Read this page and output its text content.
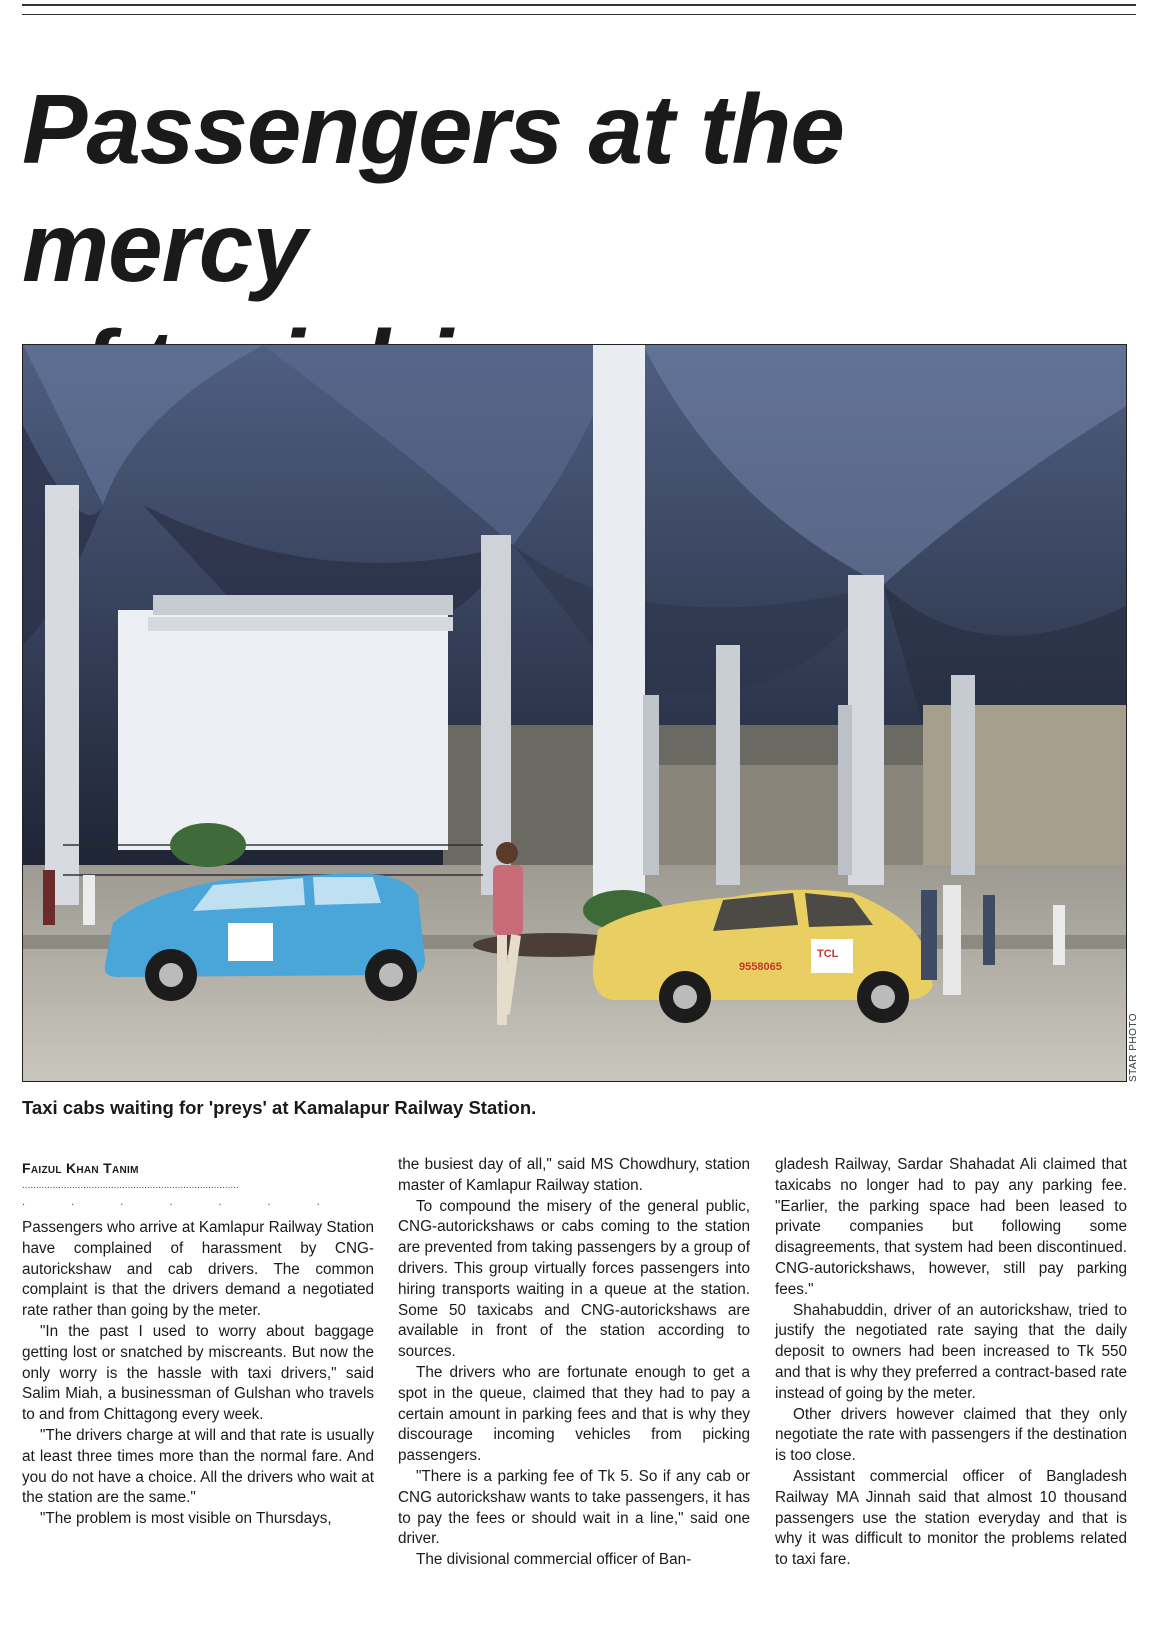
Passengers at the mercy

TCL
9558065
STAR PHOTO

Taxi cabs waiting for 'preys' at Kamalapur Railway Station.

Faizul Khan Tanim
..............................................................................
. . . . . . .

Passengers who arrive at Kamlapur Railway Station have complained of harassment by CNG-autorickshaw and cab drivers. The common complaint is that the drivers demand a negotiated rate rather than going by the meter.

"In the past I used to worry about baggage getting lost or snatched by miscreants. But now the only worry is the hassle with taxi drivers," said Salim Miah, a businessman of Gulshan who travels to and from Chittagong every week.

"The drivers charge at will and that rate is usually at least three times more than the normal fare. And you do not have a choice. All the drivers who wait at the station are the same."

"The problem is most visible on Thursdays,

the busiest day of all," said MS Chowdhury, station master of Kamlapur Railway station.

To compound the misery of the general public, CNG-autorickshaws or cabs coming to the station are prevented from taking passengers by a group of drivers. This group virtually forces passengers into hiring transports waiting in a queue at the station. Some 50 taxicabs and CNG-autorickshaws are available in front of the station according to sources.

The drivers who are fortunate enough to get a spot in the queue, claimed that they had to pay a certain amount in parking fees and that is why they discourage incoming vehicles from picking passengers.

"There is a parking fee of Tk 5. So if any cab or CNG autorickshaw wants to take passengers, it has to pay the fees or should wait in a line," said one driver.

The divisional commercial officer of Ban-

gladesh Railway, Sardar Shahadat Ali claimed that taxicabs no longer had to pay any parking fee. "Earlier, the parking space had been leased to private companies but following some disagreements, that system had been discontinued. CNG-autorickshaws, however, still pay parking fees."

Shahabuddin, driver of an autorickshaw, tried to justify the negotiated rate saying that the daily deposit to owners had been increased to Tk 550 and that is why they preferred a contract-based rate instead of going by the meter.

Other drivers however claimed that they only negotiate the rate with passengers if the destination is too close.

Assistant commercial officer of Bangladesh Railway MA Jinnah said that almost 10 thousand passengers use the station everyday and that is why it was difficult to monitor the problems related to taxi fare.
